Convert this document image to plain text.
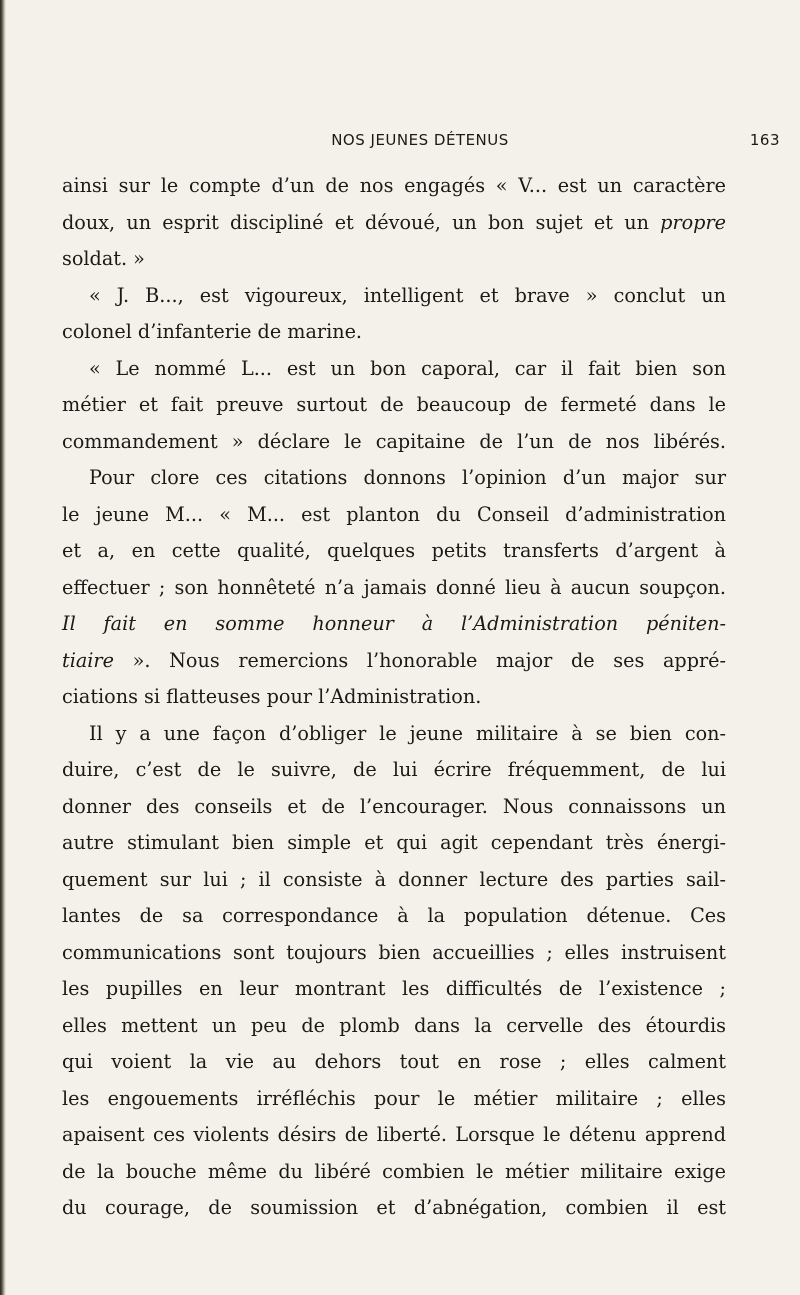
NOS JEUNES DÉTENUS	163
ainsi sur le compte d’un de nos engagés « V... est un caractère
doux, un esprit discipliné et dévoué, un bon sujet et un propre
soldat. »
« J. B..., est vigoureux, intelligent et brave » conclut un
colonel d’infanterie de marine.
« Le nommé L... est un bon caporal, car il fait bien son
métier et fait preuve surtout de beaucoup de fermeté dans le
commandement » déclare le capitaine de l’un de nos libérés.
Pour clore ces citations donnons l’opinion d’un major sur
le jeune M... « M... est planton du Conseil d’administration
et a, en cette qualité, quelques petits transferts d’argent à
effectuer ; son honnêteté n’a jamais donné lieu à aucun soupçon.
Il fait en somme honneur à l’Administration péniten-
tiaire ». Nous remercions l’honorable major de ses appré-
ciations si flatteuses pour l’Administration.
Il y a une façon d’obliger le jeune militaire à se bien con-
duire, c’est de le suivre, de lui écrire fréquemment, de lui
donner des conseils et de l’encourager. Nous connaissons un
autre stimulant bien simple et qui agit cependant très énergi-
quement sur lui ; il consiste à donner lecture des parties sail-
lantes de sa correspondance à la population détenue. Ces
communications sont toujours bien accueillies ; elles instruisent
les pupilles en leur montrant les difficultés de l’existence ;
elles mettent un peu de plomb dans la cervelle des étourdis
qui voient la vie au dehors tout en rose ; elles calment
les engouements irréfléchis pour le métier militaire ; elles
apaisent ces violents désirs de liberté. Lorsque le détenu apprend
de la bouche même du libéré combien le métier militaire exige
du courage, de soumission et d’abnégation, combien il est
